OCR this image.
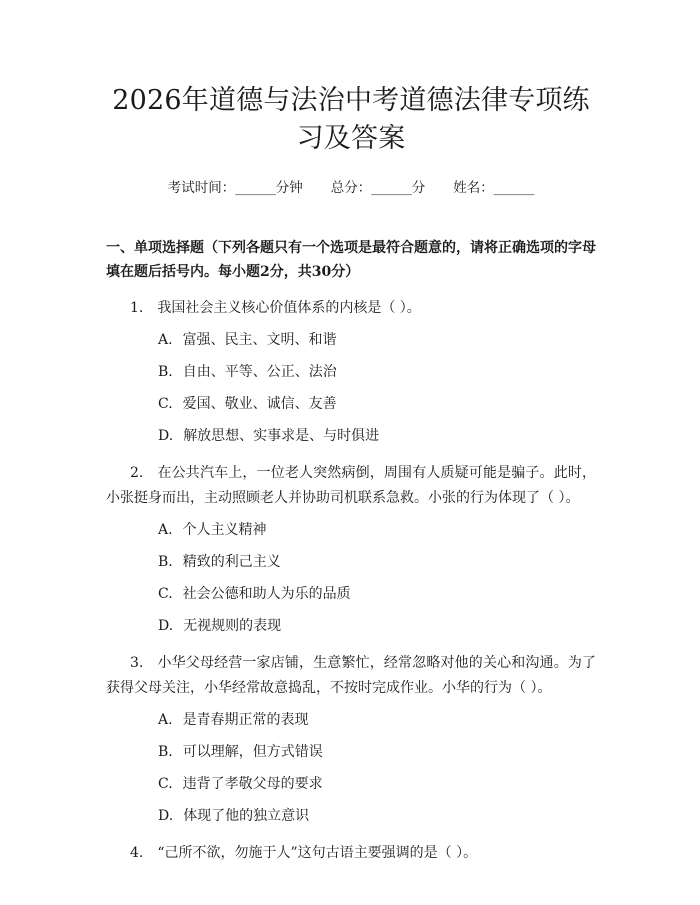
2026年道德与法治中考道德法律专项练习及答案
考试时间：______分钟 总分：______分 姓名：______
一、单项选择题（下列各题只有一个选项是最符合题意的，请将正确选项的字母填在题后括号内。每小题2分，共30分）
1. 我国社会主义核心价值体系的内核是（ ）。
A. 富强、民主、文明、和谐
B. 自由、平等、公正、法治
C. 爱国、敬业、诚信、友善
D. 解放思想、实事求是、与时俱进
2. 在公共汽车上，一位老人突然病倒，周围有人质疑可能是骗子。此时，小张挺身而出，主动照顾老人并协助司机联系急救。小张的行为体现了（ ）。
A. 个人主义精神
B. 精致的利己主义
C. 社会公德和助人为乐的品质
D. 无视规则的表现
3. 小华父母经营一家店铺，生意繁忙，经常忽略对他的关心和沟通。为了获得父母关注，小华经常故意捣乱，不按时完成作业。小华的行为（ ）。
A. 是青春期正常的表现
B. 可以理解，但方式错误
C. 违背了孝敬父母的要求
D. 体现了他的独立意识
4. “己所不欲，勿施于人”这句古语主要强调的是（ ）。
